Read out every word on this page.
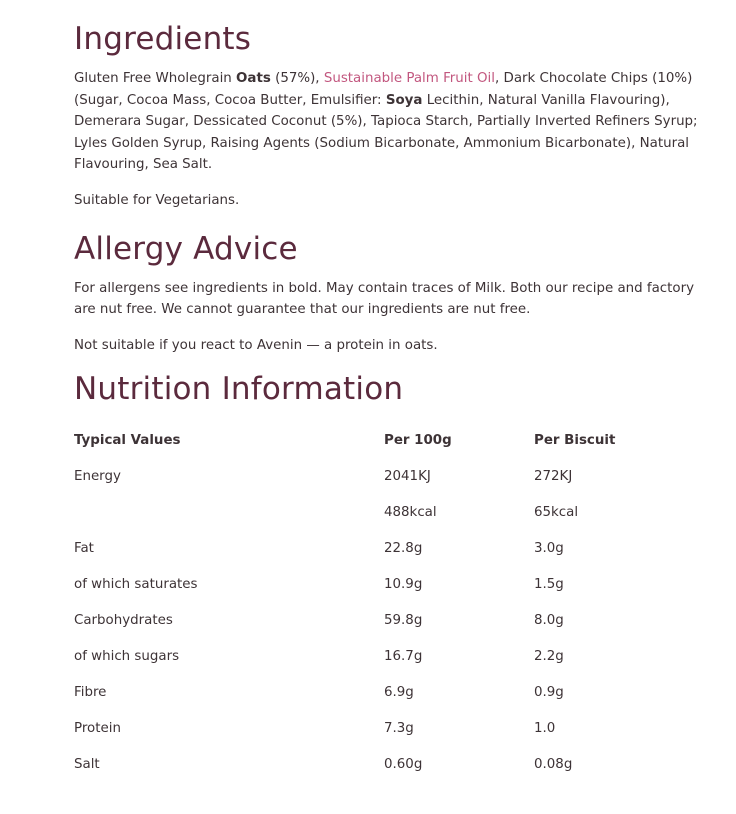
Ingredients

Gluten Free Wholegrain Oats (57%), Sustainable Palm Fruit Oil, Dark Chocolate Chips (10%) (Sugar, Cocoa Mass, Cocoa Butter, Emulsifier: Soya Lecithin, Natural Vanilla Flavouring), Demerara Sugar, Dessicated Coconut (5%), Tapioca Starch, Partially Inverted Refiners Syrup; Lyles Golden Syrup, Raising Agents (Sodium Bicarbonate, Ammonium Bicarbonate), Natural Flavouring, Sea Salt.

Suitable for Vegetarians.

Allergy Advice

For allergens see ingredients in bold. May contain traces of Milk. Both our recipe and factory are nut free. We cannot guarantee that our ingredients are nut free.

Not suitable if you react to Avenin — a protein in oats.

Nutrition Information
Typical Values	Per 100g	Per Biscuit
Energy	2041KJ	272KJ
	488kcal	65kcal
Fat	22.8g	3.0g
of which saturates	10.9g	1.5g
Carbohydrates	59.8g	8.0g
of which sugars	16.7g	2.2g
Fibre	6.9g	0.9g
Protein	7.3g	1.0
Salt	0.60g	0.08g
